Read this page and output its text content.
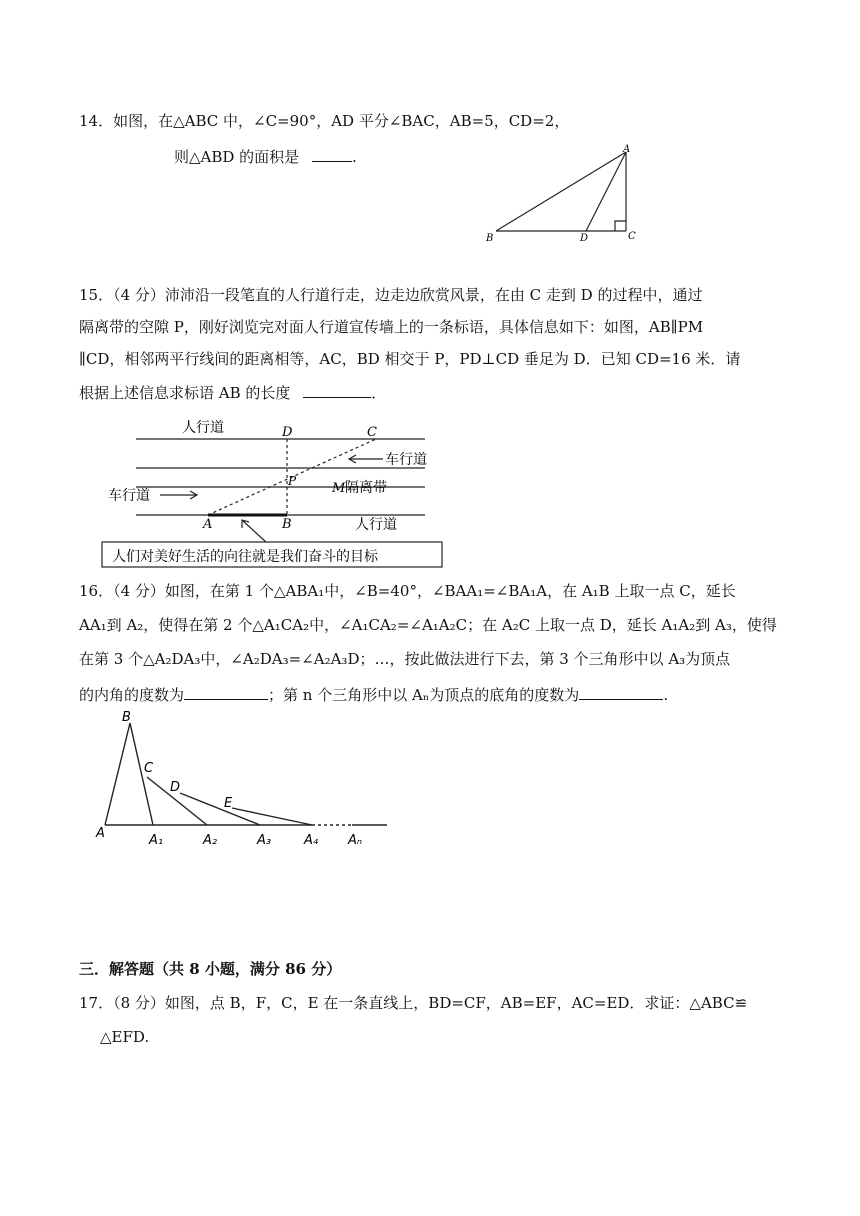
14．如图，在△ABC 中，∠C=90°，AD 平分∠BAC，AB=5，CD=2，
则△ABD 的面积是	.	A
B	D	C
15．（4 分）沛沛沿一段笔直的人行道行走，边走边欣赏风景，在由 C 走到 D 的过程中，通过
隔离带的空隙 P，刚好浏览完对面人行道宣传墙上的一条标语，具体信息如下：如图，AB∥PM
∥CD，相邻两平行线间的距离相等，AC，BD 相交于 P，PD⊥CD 垂足为 D．已知 CD=16 米．请
根据上述信息求标语 AB 的长度	．
人行道	D	C
车行道
P	M 隔离带
车行道
A	B	人行道
人们对美好生活的向往就是我们奋斗的目标
16．（4 分）如图，在第 1 个△ABA₁中，∠B=40°，∠BAA₁=∠BA₁A，在 A₁B 上取一点 C，延长
AA₁到 A₂，使得在第 2 个△A₁CA₂中，∠A₁CA₂=∠A₁A₂C；在 A₂C 上取一点 D，延长 A₁A₂到 A₃，使得
在第 3 个△A₂DA₃中，∠A₂DA₃=∠A₂A₃D；…，按此做法进行下去，第 3 个三角形中以 A₃为顶点
的内角的度数为	；第 n 个三角形中以 Aₙ为顶点的底角的度数为	.
B
C
D
E
A	A₁	A₂	A₃	A₄ Aₙ
三．解答题（共 8 小题，满分 86 分）
17．（8 分）如图，点 B，F，C，E 在一条直线上，BD=CF，AB=EF，AC=ED．求证：△ABC≌
△EFD.
